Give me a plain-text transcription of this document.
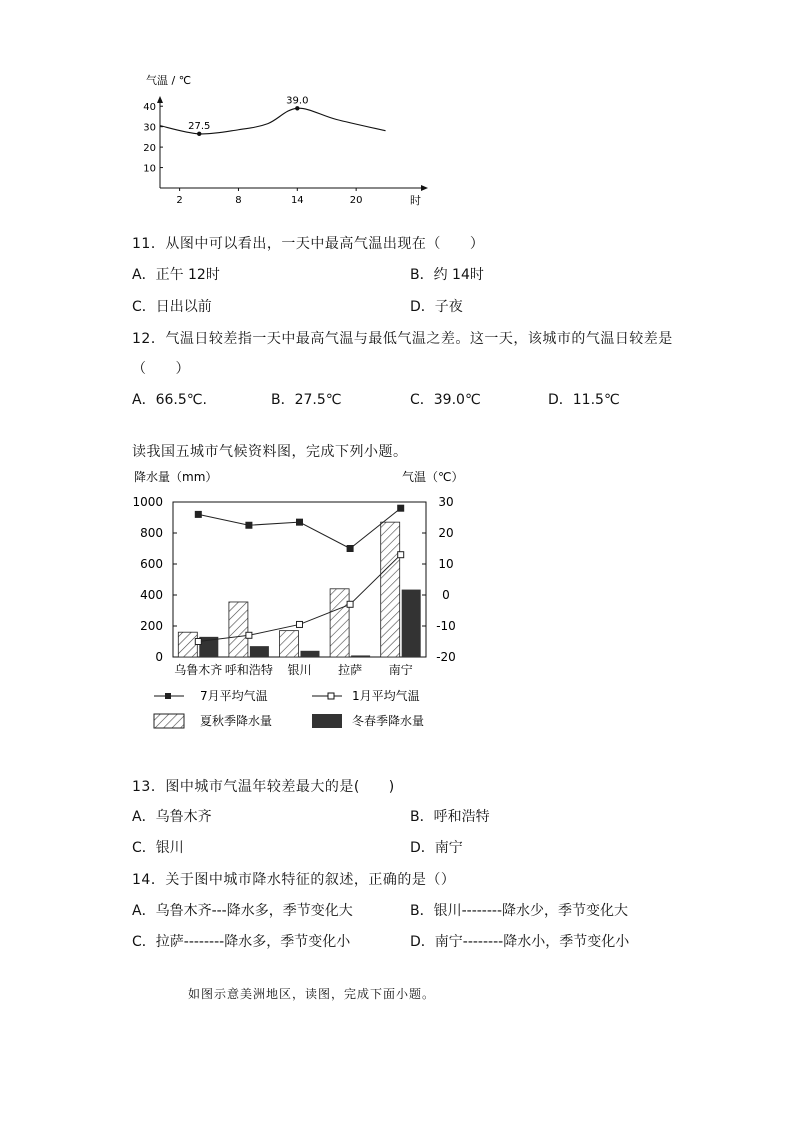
气温 / ℃
时
2	8	14	20
10
20
30
40
27.5
39.0
11．从图中可以看出，一天中最高气温出现在（　　）
A．正午 12时	B．约 14时
C．日出以前	D．子夜
12．气温日较差指一天中最高气温与最低气温之差。这一天，该城市的气温日较差是
（　　）
A．66.5℃.	B．27.5℃	C．39.0℃	D．11.5℃
读我国五城市气候资料图，完成下列小题。
降水量（mm）	气温（℃）
0
200
400
600
800
1000
-20
-10
0
10
20
30
乌鲁木齐 呼和浩特 银川 拉萨 南宁
7月平均气温	1月平均气温
夏秋季降水量	冬春季降水量
13．图中城市气温年较差最大的是(　　)
A．乌鲁木齐	B．呼和浩特
C．银川	D．南宁
14．关于图中城市降水特征的叙述，正确的是（）
A．乌鲁木齐---降水多，季节变化大	B．银川--------降水少，季节变化大
C．拉萨--------降水多，季节变化小	D．南宁--------降水小，季节变化小
如图示意美洲地区，读图，完成下面小题。
